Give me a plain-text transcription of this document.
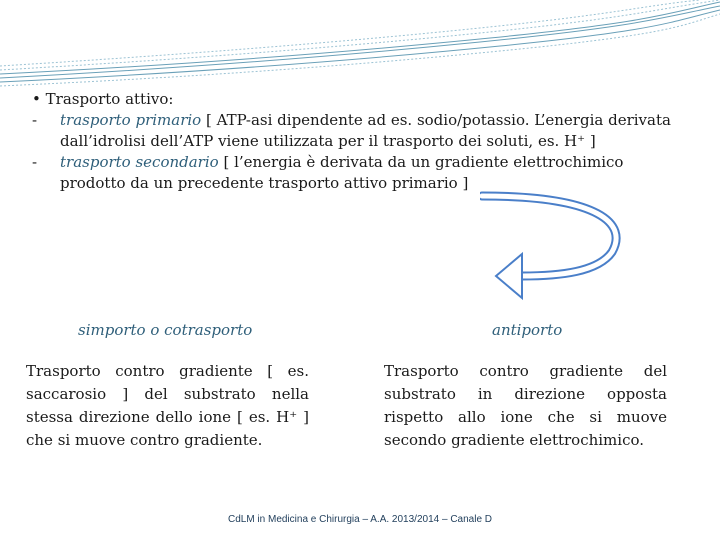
• Trasporto attivo:
- trasporto primario [ ATP-asi dipendente ad es. sodio/potassio. L’energia derivata dall’idrolisi dell’ATP viene utilizzata per il trasporto dei soluti, es. H⁺ ]
- trasporto secondario [ l’energia è derivata da un gradiente elettrochimico prodotto da un precedente trasporto attivo primario ]
simporto o cotrasporto	antiporto
Trasporto contro gradiente [ es. saccarosio ] del substrato nella stessa direzione dello ione [ es. H⁺ ] che si muove contro gradiente.
Trasporto contro gradiente del substrato in direzione opposta rispetto allo ione che si muove secondo gradiente elettrochimico.
CdLM in Medicina e Chirurgia – A.A. 2013/2014 – Canale D
